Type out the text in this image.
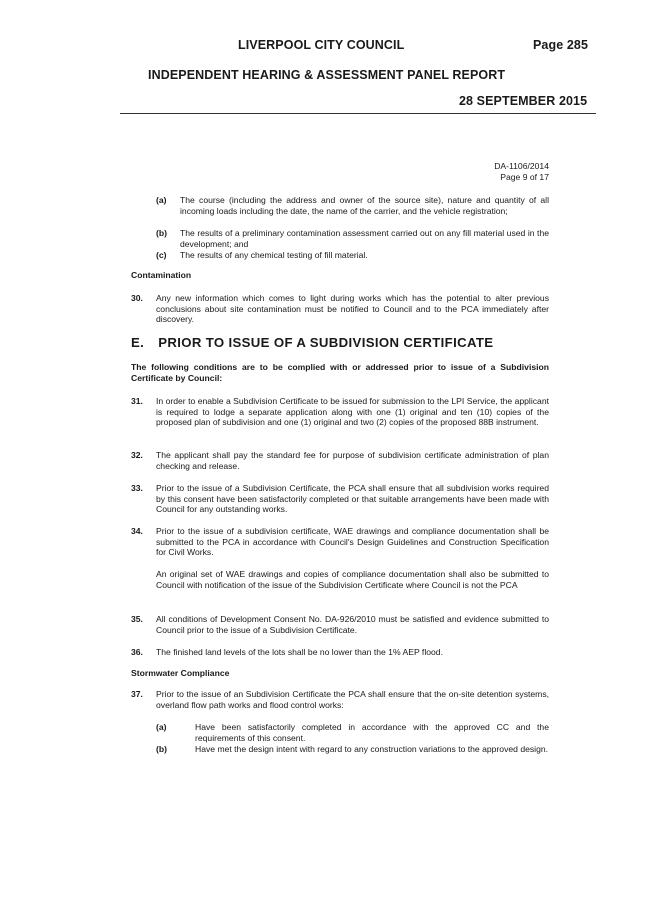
LIVERPOOL CITY COUNCIL	Page 285
INDEPENDENT HEARING & ASSESSMENT PANEL REPORT
28 SEPTEMBER 2015
DA-1106/2014
Page 9 of 17
(a) The course (including the address and owner of the source site), nature and quantity of all incoming loads including the date, the name of the carrier, and the vehicle registration;
(b) The results of a preliminary contamination assessment carried out on any fill material used in the development; and
(c) The results of any chemical testing of fill material.
Contamination
30. Any new information which comes to light during works which has the potential to alter previous conclusions about site contamination must be notified to Council and to the PCA immediately after discovery.
E. PRIOR TO ISSUE OF A SUBDIVISION CERTIFICATE
The following conditions are to be complied with or addressed prior to issue of a Subdivision Certificate by Council:
31. In order to enable a Subdivision Certificate to be issued for submission to the LPI Service, the applicant is required to lodge a separate application along with one (1) original and ten (10) copies of the proposed plan of subdivision and one (1) original and two (2) copies of the proposed 88B instrument.
32. The applicant shall pay the standard fee for purpose of subdivision certificate administration of plan checking and release.
33. Prior to the issue of a Subdivision Certificate, the PCA shall ensure that all subdivision works required by this consent have been satisfactorily completed or that suitable arrangements have been made with Council for any outstanding works.
34. Prior to the issue of a subdivision certificate, WAE drawings and compliance documentation shall be submitted to the PCA in accordance with Council's Design Guidelines and Construction Specification for Civil Works.
An original set of WAE drawings and copies of compliance documentation shall also be submitted to Council with notification of the issue of the Subdivision Certificate where Council is not the PCA
35. All conditions of Development Consent No. DA-926/2010 must be satisfied and evidence submitted to Council prior to the issue of a Subdivision Certificate.
36. The finished land levels of the lots shall be no lower than the 1% AEP flood.
Stormwater Compliance
37. Prior to the issue of an Subdivision Certificate the PCA shall ensure that the on-site detention systems, overland flow path works and flood control works:
(a)	Have been satisfactorily completed in accordance with the approved CC and the requirements of this consent.
(b)	Have met the design intent with regard to any construction variations to the approved design.
